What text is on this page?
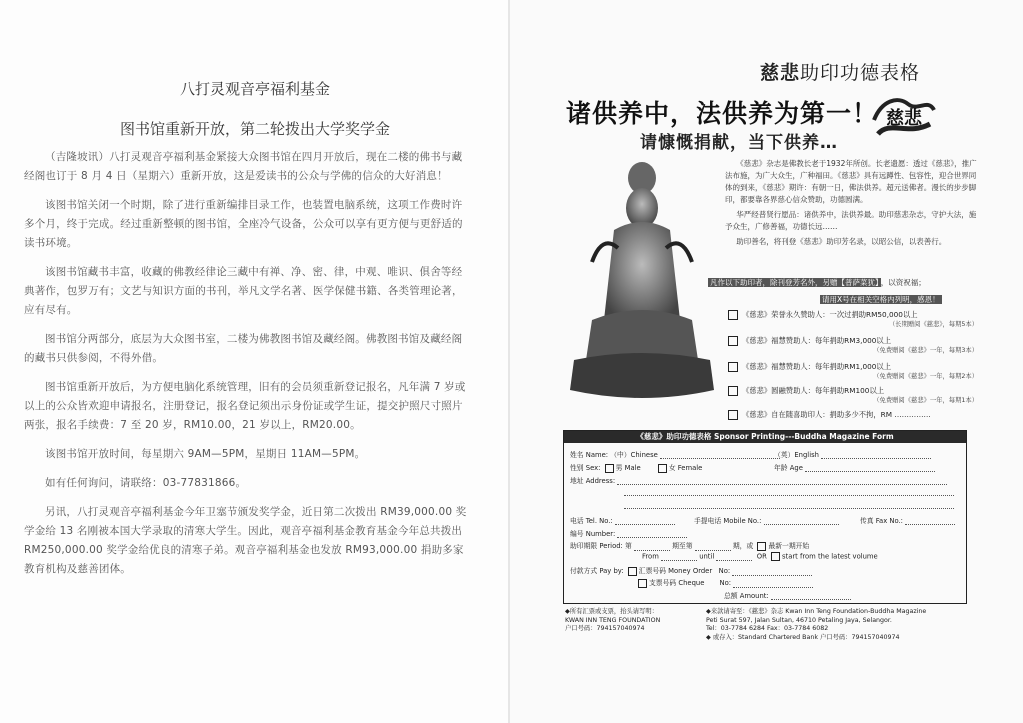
八打灵观音亭福利基金
图书馆重新开放，第二轮拨出大学奖学金

（吉隆坡讯）八打灵观音亭福利基金紧接大众图书馆在四月开放后，现在二楼的佛书与藏经阁也订于 8 月 4 日（星期六）重新开放，这是爱读书的公众与学佛的信众的大好消息！

该图书馆关闭一个时期，除了进行重新编排目录工作，也装置电脑系统，这项工作费时许多个月，终于完成。经过重新整顿的图书馆，全座冷气设备，公众可以享有更方便与更舒适的读书环境。

该图书馆藏书丰富，收藏的佛教经律论三藏中有禅、净、密、律，中观、唯识、俱舍等经典著作，包罗万有；文艺与知识方面的书刊，举凡文学名著、医学保健书籍、各类管理论著，应有尽有。

图书馆分两部分，底层为大众图书室，二楼为佛教图书馆及藏经阁。佛教图书馆及藏经阁的藏书只供参阅，不得外借。

图书馆重新开放后，为方便电脑化系统管理，旧有的会员须重新登记报名，凡年满 7 岁或以上的公众皆欢迎申请报名，注册登记，报名登记须出示身份证或学生证，提交护照尺寸照片两张，报名手续费：7 至 20 岁，RM10.00，21 岁以上，RM20.00。

该图书馆开放时间，每星期六 9AM—5PM，星期日 11AM—5PM。

如有任何询问，请联络：03-77831866。

另讯，八打灵观音亭福利基金今年卫塞节颁发奖学金，近日第二次拨出 RM39,000.00 奖学金给 13 名刚被本国大学录取的清寒大学生。因此，观音亭福利基金教育基金今年总共拨出 RM250,000.00 奖学金给优良的清寒子弟。观音亭福利基金也发放 RM93,000.00 捐助多家教育机构及慈善团体。

慈悲助印功德表格
诸供养中，法供养为第一！
请慷慨捐献，当下供养…
慈悲

《慈悲》杂志是佛教长老于1932年所创。长老遗愿：透过《慈悲》，推广法布施，为广大众生，广种福田。《慈悲》具有远蹲性、包容性，迎合世界同体的到来，《慈悲》期许：有朝一日，佛法供养。超元送佛者。漫长的步步脚印，都要靠各界慈心信众赞助，功德圆满。

华严经普贤行愿品：诸供养中，法供养最。助印慈悲杂志，守护大法，施予众生，广修善福，功德长远……

助印善名，将刊登《慈悲》助印芳名录，以昭公信，以表善行。

凡作以下助印者，除刊登芳名外，另赠【普萨菜犹】 ，以资祝福；
请用X号在相关空格内列明，感恩！
《慈悲》荣誉永久赞助人：一次过捐助RM50,000以上
（长期赠阅《慈悲》，每期5本）
《慈悲》福慧赞助人：每年捐助RM3,000以上
（免费赠阅《慈悲》一年，每期3本）
《慈悲》福慧赞助人：每年捐助RM1,000以上
（免费赠阅《慈悲》一年，每期2本）
《慈悲》圆融赞助人：每年捐助RM100以上
（免费赠阅《慈悲》一年，每期1本）
《慈悲》自在随喜助印人：捐助多少不拘，RM ……………
《慈悲》助印功德表格 Sponsor Printing---Buddha Magazine Form
姓名 Name: （中）Chinese	（英）English
性别 Sex: 男 Male	女 Female	年龄 Age
地址 Address:
电话 Tel. No.:	手提电话 Mobile No.:	传真 Fax No.:
编号 Number:
助印期限 Period: 第	期至第	期，或 最新一期开始
From	until	OR start from the latest volume
付款方式 Pay by: 汇票号码 Money Order No:
支票号码 Cheque No:
总额 Amount:
◆所有汇票或支票，抬头请写明：
KWAN INN TENG FOUNDATION
户口号码：794157040974
◆来款请寄至：《慈悲》杂志 Kwan Inn Teng Foundation-Buddha Magazine
Peti Surat 597, Jalan Sultan, 46710 Petaling Jaya, Selangor.
Tel：03-7784 6284 Fax：03-7784 6082
◆ 或存入：Standard Chartered Bank 户口号码：794157040974
